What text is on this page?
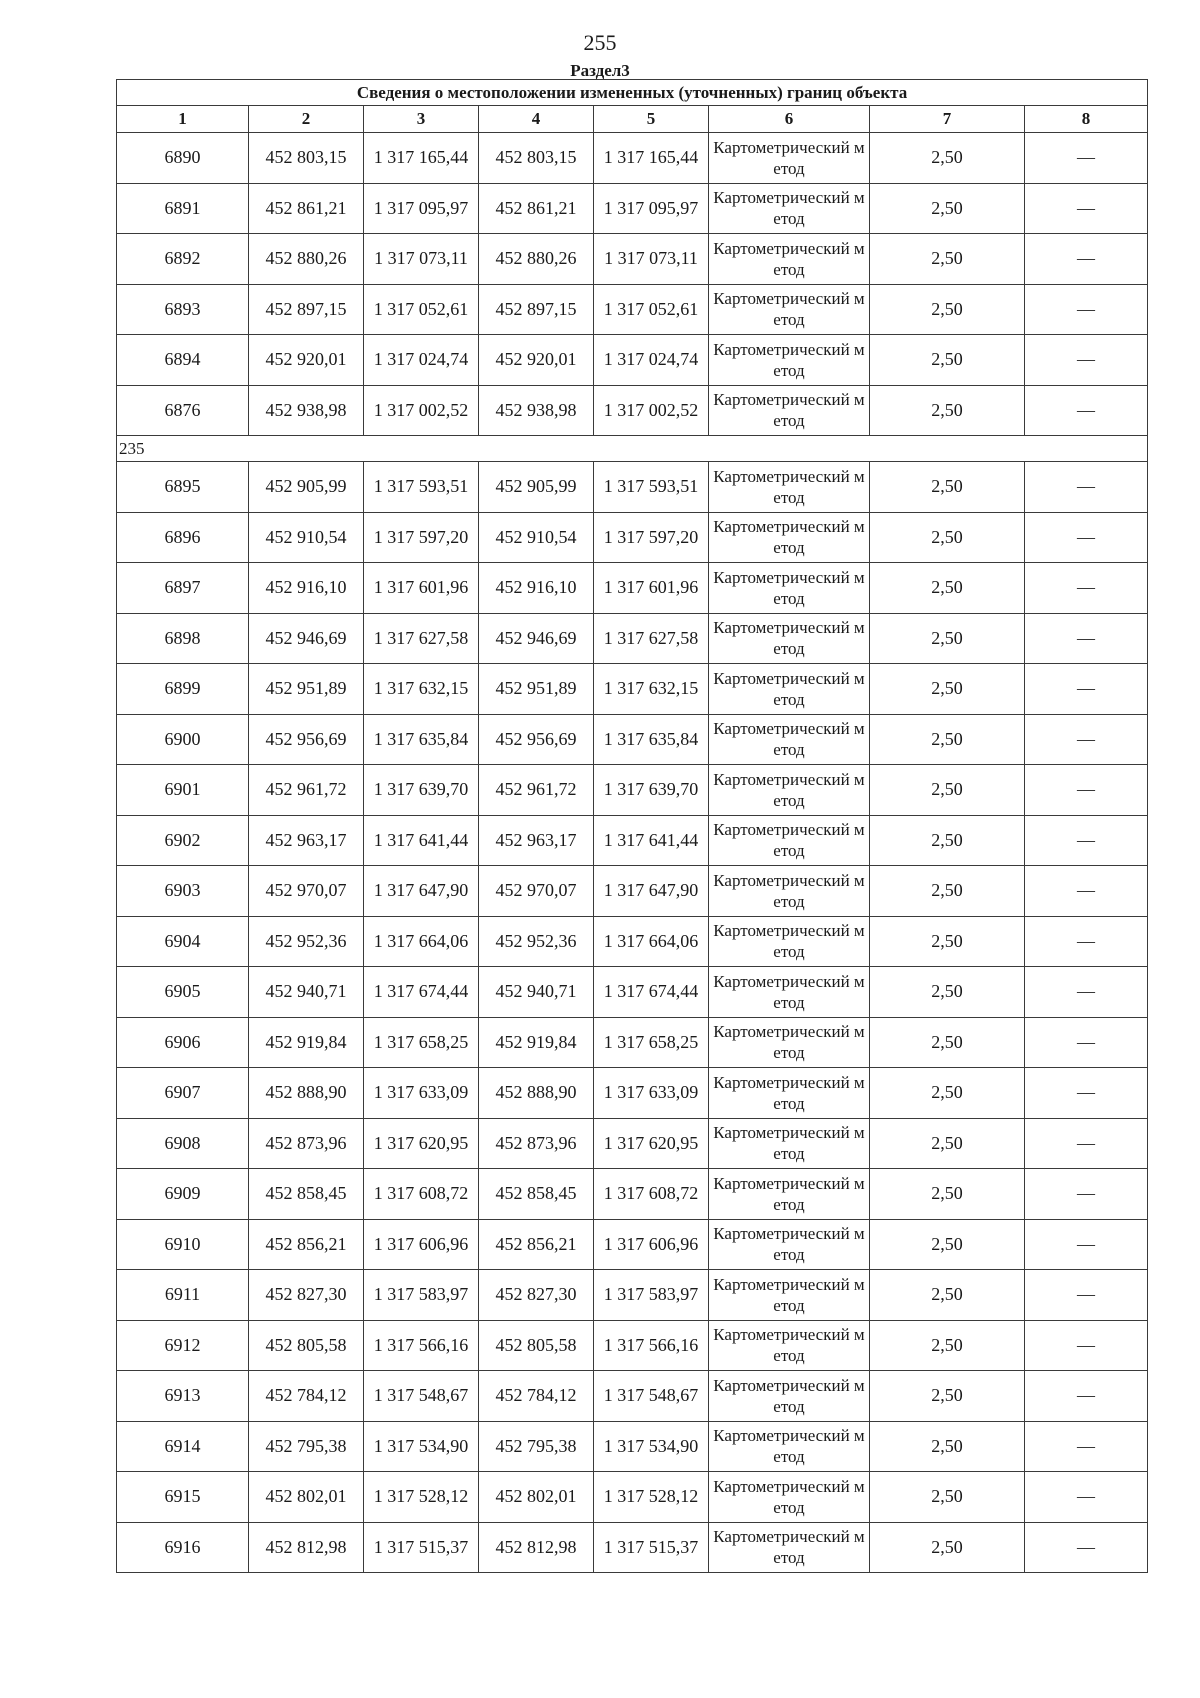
255
Раздел3
Сведения о местоположении измененных (уточненных) границ объекта							
1	2	3	4	5	6	7	8
6890	452 803,15	1 317 165,44	452 803,15	1 317 165,44	Картометрический метод	2,50	—
6891	452 861,21	1 317 095,97	452 861,21	1 317 095,97	Картометрический метод	2,50	—
6892	452 880,26	1 317 073,11	452 880,26	1 317 073,11	Картометрический метод	2,50	—
6893	452 897,15	1 317 052,61	452 897,15	1 317 052,61	Картометрический метод	2,50	—
6894	452 920,01	1 317 024,74	452 920,01	1 317 024,74	Картометрический метод	2,50	—
6876	452 938,98	1 317 002,52	452 938,98	1 317 002,52	Картометрический метод	2,50	—
235							
6895	452 905,99	1 317 593,51	452 905,99	1 317 593,51	Картометрический метод	2,50	—
6896	452 910,54	1 317 597,20	452 910,54	1 317 597,20	Картометрический метод	2,50	—
6897	452 916,10	1 317 601,96	452 916,10	1 317 601,96	Картометрический метод	2,50	—
6898	452 946,69	1 317 627,58	452 946,69	1 317 627,58	Картометрический метод	2,50	—
6899	452 951,89	1 317 632,15	452 951,89	1 317 632,15	Картометрический метод	2,50	—
6900	452 956,69	1 317 635,84	452 956,69	1 317 635,84	Картометрический метод	2,50	—
6901	452 961,72	1 317 639,70	452 961,72	1 317 639,70	Картометрический метод	2,50	—
6902	452 963,17	1 317 641,44	452 963,17	1 317 641,44	Картометрический метод	2,50	—
6903	452 970,07	1 317 647,90	452 970,07	1 317 647,90	Картометрический метод	2,50	—
6904	452 952,36	1 317 664,06	452 952,36	1 317 664,06	Картометрический метод	2,50	—
6905	452 940,71	1 317 674,44	452 940,71	1 317 674,44	Картометрический метод	2,50	—
6906	452 919,84	1 317 658,25	452 919,84	1 317 658,25	Картометрический метод	2,50	—
6907	452 888,90	1 317 633,09	452 888,90	1 317 633,09	Картометрический метод	2,50	—
6908	452 873,96	1 317 620,95	452 873,96	1 317 620,95	Картометрический метод	2,50	—
6909	452 858,45	1 317 608,72	452 858,45	1 317 608,72	Картометрический метод	2,50	—
6910	452 856,21	1 317 606,96	452 856,21	1 317 606,96	Картометрический метод	2,50	—
6911	452 827,30	1 317 583,97	452 827,30	1 317 583,97	Картометрический метод	2,50	—
6912	452 805,58	1 317 566,16	452 805,58	1 317 566,16	Картометрический метод	2,50	—
6913	452 784,12	1 317 548,67	452 784,12	1 317 548,67	Картометрический метод	2,50	—
6914	452 795,38	1 317 534,90	452 795,38	1 317 534,90	Картометрический метод	2,50	—
6915	452 802,01	1 317 528,12	452 802,01	1 317 528,12	Картометрический метод	2,50	—
6916	452 812,98	1 317 515,37	452 812,98	1 317 515,37	Картометрический метод	2,50	—
